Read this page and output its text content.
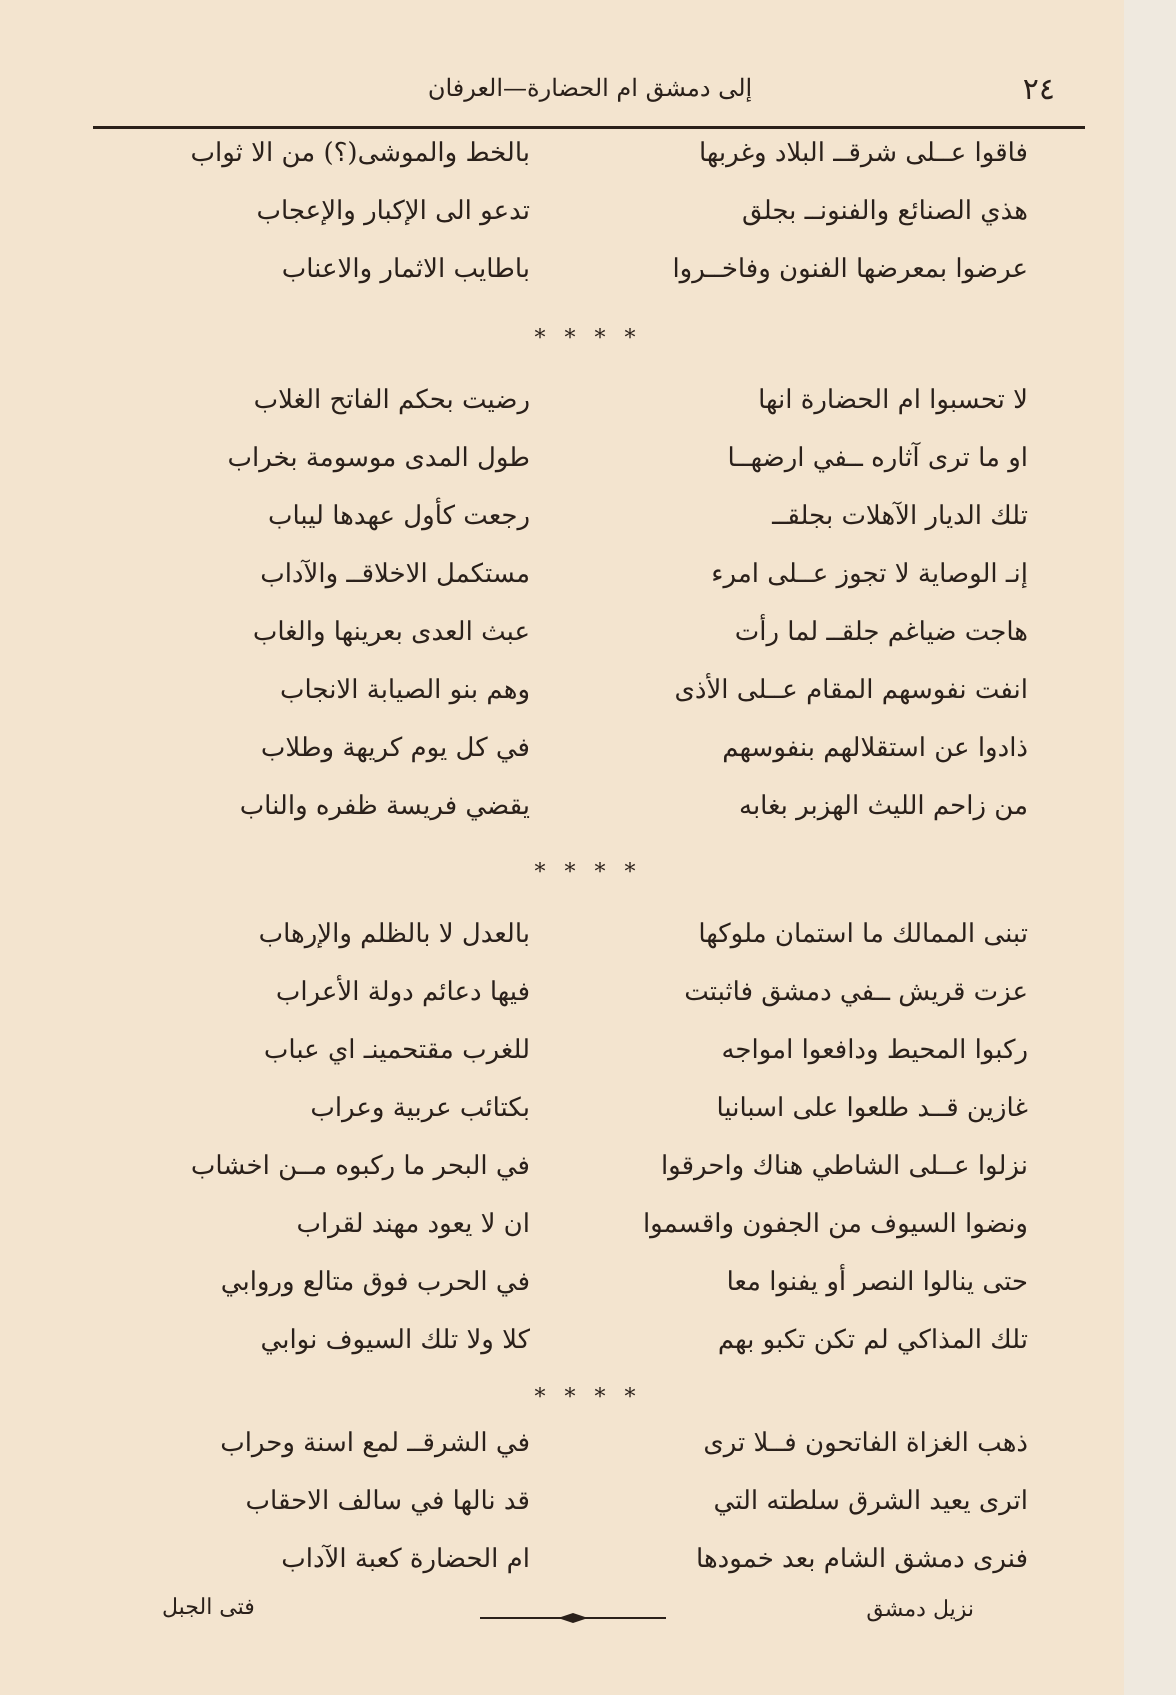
٢٤
إلى دمشق ام الحضارة—العرفان
فاقوا عــلى شرقــ البلاد وغربها
بالخط والموشى(؟) من الا ثواب
هذي الصنائع والفنونــ بجلق
تدعو الى الإكبار والإعجاب
عرضوا بمعرضها الفنون وفاخــروا
باطايب الاثمار والاعناب
* * * *
لا تحسبوا ام الحضارة انها
رضيت بحكم الفاتح الغلاب
او ما ترى آثاره ــفي ارضهــا
طول المدى موسومة بخراب
تلك الديار الآهلات بجلقــ
رجعت كأول عهدها ليباب
إنـ الوصاية لا تجوز عــلى امرء
مستكمل الاخلاقــ والآداب
هاجت ضياغم جلقــ لما رأت
عبث العدى بعرينها والغاب
انفت نفوسهم المقام عــلى الأذى
وهم بنو الصيابة الانجاب
ذادوا عن استقلالهم بنفوسهم
في كل يوم كريهة وطلاب
من زاحم الليث الهزبر بغابه
يقضي فريسة ظفره والناب
* * * *
تبنى الممالك ما استمان ملوكها
بالعدل لا بالظلم والإرهاب
عزت قريش ــفي دمشق فاثبتت
فيها دعائم دولة الأعراب
ركبوا المحيط ودافعوا امواجه
للغرب مقتحمينـ اي عباب
غازين قــد طلعوا على اسبانيا
بكتائب عربية وعراب
نزلوا عــلى الشاطي هناك واحرقوا
في البحر ما ركبوه مــن اخشاب
ونضوا السيوف من الجفون واقسموا
ان لا يعود مهند لقراب
حتى ينالوا النصر أو يفنوا معا
في الحرب فوق متالع وروابي
تلك المذاكي لم تكن تكبو بهم
كلا ولا تلك السيوف نوابي
* * * *
ذهب الغزاة الفاتحون فــلا ترى
في الشرقــ لمع اسنة وحراب
اترى يعيد الشرق سلطته التي
قد نالها في سالف الاحقاب
فنرى دمشق الشام بعد خمودها
ام الحضارة كعبة الآداب
فتى الجبل	نزيل دمشق
